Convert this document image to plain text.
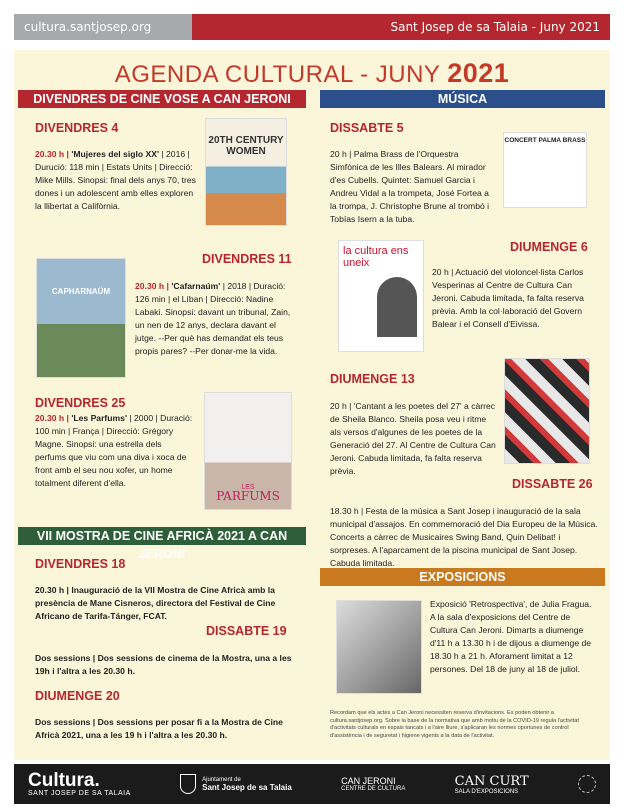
cultura.santjosep.org	Sant Josep de sa Talaia - Juny 2021
AGENDA CULTURAL - JUNY 2021
DIVENDRES DE CINE VOSE A CAN JERONI
DIVENDRES 4
20.30 h | 'Mujeres del siglo XX' | 2016 | Durució: 118 min | Estats Units | Direcció: Mike Mills. Sinopsi: final dels anys 70, tres dones i un adolescent amb elles exploren la llibertat a Califòrnia.
20TH CENTURY WOMEN
DIVENDRES 11
CAPHARNAÜM
20.30 h | 'Cafarnaúm' | 2018 | Duració: 126 min | el Líban | Direcció: Nadine Labaki. Sinopsi: davant un tribunal, Zain, un nen de 12 anys, declara davant el jutge. --Per què has demandat els teus propis pares? --Per donar-me la vida.
DIVENDRES 25
20.30 h | 'Les Parfums' | 2000 | Duració: 100 min | França | Direcció: Grégory Magne. Sinopsi: una estrella dels perfums que viu com una diva i xoca de front amb el seu nou xofer, un home totalment diferent d'ella.	LES
PARFUMS
VII MOSTRA DE CINE AFRICÀ 2021 A CAN JERONI
DIVENDRES 18
20.30 h | Inauguració de la VII Mostra de Cine Africà amb la presència de Mane Cisneros, directora del Festival de Cine Africano de Tarifa-Tánger, FCAT.
DISSABTE 19
Dos sessions | Dos sessions de cinema de la Mostra, una a les 19h i l'altra a les 20.30 h.
DIUMENGE 20
Dos sessions | Dos sessions per posar fi a la Mostra de Cine Africà 2021, una a les 19 h i l'altra a les 20.30 h.
MÚSICA
DISSABTE 5
20 h | Palma Brass de l'Orquestra Simfònica de les Illes Balears. Al mirador d'es Cubells. Quintet: Samuel Garcia i Andreu Vidal a la trompeta, José Fortea a la trompa, J. Christophe Brune al trombó i Tobías Isern a la tuba.
CONCERT PALMA BRASS
la cultura ens uneix
DIUMENGE 6
20 h | Actuació del violoncel·lista Carlos Vesperinas al Centre de Cultura Can Jeroni. Cabuda limitada, fa falta reserva prèvia. Amb la col·laboració del Govern Balear i el Consell d'Eivissa.
DIUMENGE 13
20 h | 'Cantant a les poetes del 27' a càrrec de Sheila Blanco. Sheila posa veu i ritme als versos d'algunes de les poetes de la Generació del 27. Al Centre de Cultura Can Jeroni. Cabuda limitada, fa falta reserva prèvia.
DISSABTE 26
18.30 h | Festa de la música a Sant Josep i inauguració de la sala municipal d'assajos. En commemoració del Dia Europeu de la Música. Concerts a càrrec de Musicaires Swing Band, Quin Delibat! i sorpreses. A l'aparcament de la piscina municipal de Sant Josep. Cabuda limitada.
EXPOSICIONS
Exposició 'Retrospectiva', de Julia Fragua. A la sala d'exposicions del Centre de Cultura Can Jeroni. Dimarts a diumenge d'11 h a 13.30 h i de dijous a diumenge de 18.30 h a 21 h. Aforament limitat a 12 persones. Del 18 de juny al 18 de juliol.
Recordam que els actes a Can Jeroni necessiten reserva d'invitacions. Es poden obtenir a cultura.santjosep.org. Sobre la base de la normativa que amb motiu de la COVID-19 regula l'activitat d'activitats culturals en espais tancats i a l'aire lliure, s'aplicaran les normes oportunes de control d'assistència i de seguretat i higiene vigents a la data de l'activitat.
Cultura.
SANT JOSEP DE SA TALAIA
Ajuntament de
Sant Josep de sa Talaia
CAN JERONI
CENTRE DE CULTURA
CAN CURT
SALA D'EXPOSICIONS
